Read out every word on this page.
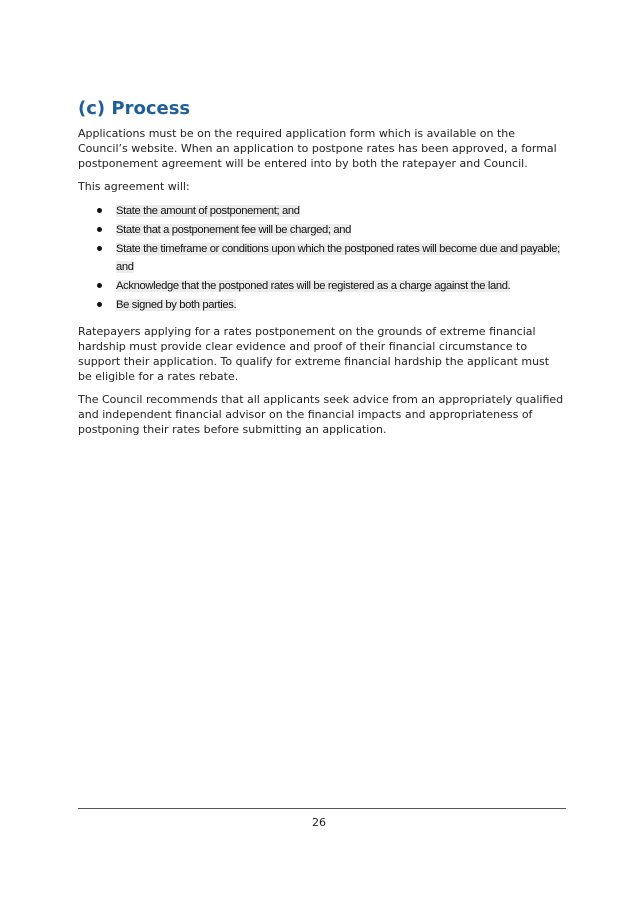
(c) Process

Applications must be on the required application form which is available on the Council’s website. When an application to postpone rates has been approved, a formal postponement agreement will be entered into by both the ratepayer and Council.

This agreement will:

State the amount of postponement; and
State that a postponement fee will be charged; and
State the timeframe or conditions upon which the postponed rates will become due and payable; and
Acknowledge that the postponed rates will be registered as a charge against the land.
Be signed by both parties.

Ratepayers applying for a rates postponement on the grounds of extreme financial hardship must provide clear evidence and proof of their financial circumstance to support their application. To qualify for extreme financial hardship the applicant must be eligible for a rates rebate.

The Council recommends that all applicants seek advice from an appropriately qualified and independent financial advisor on the financial impacts and appropriateness of postponing their rates before submitting an application.

26
